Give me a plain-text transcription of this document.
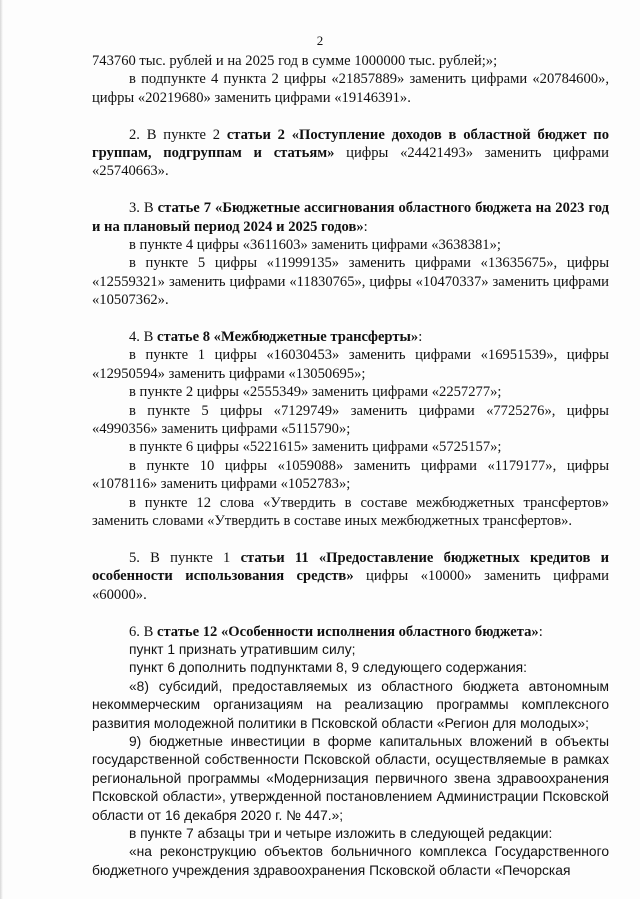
2

743760 тыс. рублей и на 2025 год в сумме 1000000 тыс. рублей;»;

в подпункте 4 пункта 2 цифры «21857889» заменить цифрами «20784600», цифры «20219680» заменить цифрами «19146391».

2. В пункте 2 статьи 2 «Поступление доходов в областной бюджет по группам, подгруппам и статьям» цифры «24421493» заменить цифрами «25740663».

3. В статье 7 «Бюджетные ассигнования областного бюджета на 2023 год и на плановый период 2024 и 2025 годов»:

в пункте 4 цифры «3611603» заменить цифрами «3638381»;

в пункте 5 цифры «11999135» заменить цифрами «13635675», цифры «12559321» заменить цифрами «11830765», цифры «10470337» заменить цифрами «10507362».

4. В статье 8 «Межбюджетные трансферты»:

в пункте 1 цифры «16030453» заменить цифрами «16951539», цифры «12950594» заменить цифрами «13050695»;

в пункте 2 цифры «2555349» заменить цифрами «2257277»;

в пункте 5 цифры «7129749» заменить цифрами «7725276», цифры «4990356» заменить цифрами «5115790»;

в пункте 6 цифры «5221615» заменить цифрами «5725157»;

в пункте 10 цифры «1059088» заменить цифрами «1179177», цифры «1078116» заменить цифрами «1052783»;

в пункте 12 слова «Утвердить в составе межбюджетных трансфертов» заменить словами «Утвердить в составе иных межбюджетных трансфертов».

5. В пункте 1 статьи 11 «Предоставление бюджетных кредитов и особенности использования средств» цифры «10000» заменить цифрами «60000».

6. В статье 12 «Особенности исполнения областного бюджета»:

пункт 1 признать утратившим силу;

пункт 6 дополнить подпунктами 8, 9 следующего содержания:

«8) субсидий, предоставляемых из областного бюджета автономным некоммерческим организациям на реализацию программы комплексного развития молодежной политики в Псковской области «Регион для молодых»;

9) бюджетные инвестиции в форме капитальных вложений в объекты государственной собственности Псковской области, осуществляемые в рамках региональной программы «Модернизация первичного звена здравоохранения Псковской области», утвержденной постановлением Администрации Псковской области от 16 декабря 2020 г. № 447.»;

в пункте 7 абзацы три и четыре изложить в следующей редакции:

«на реконструкцию объектов больничного комплекса Государственного бюджетного учреждения здравоохранения Псковской области «Печорская
